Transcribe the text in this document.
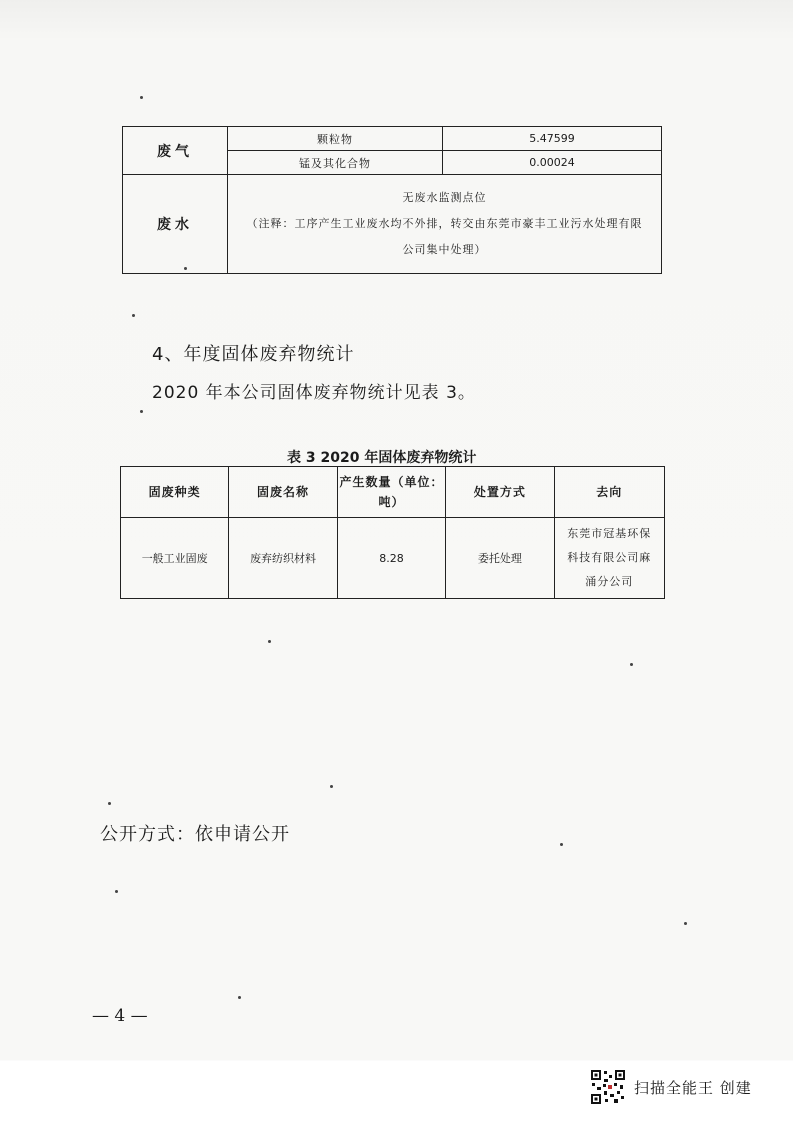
废气	颗粒物	5.47599
	锰及其化合物	0.00024
废水	无废水监测点位
（注释：工序产生工业废水均不外排，转交由东莞市豪丰工业污水处理有限
公司集中处理）	
4、年度固体废弃物统计
2020 年本公司固体废弃物统计见表 3。
表 3 2020 年固体废弃物统计
固废种类	固废名称	产生数量（单位：吨）	处置方式	去向
一般工业固废	废弃纺织材料	8.28	委托处理	东莞市冠基环保
科技有限公司麻
涌分公司
公开方式：依申请公开
— 4 —
扫描全能王 创建
